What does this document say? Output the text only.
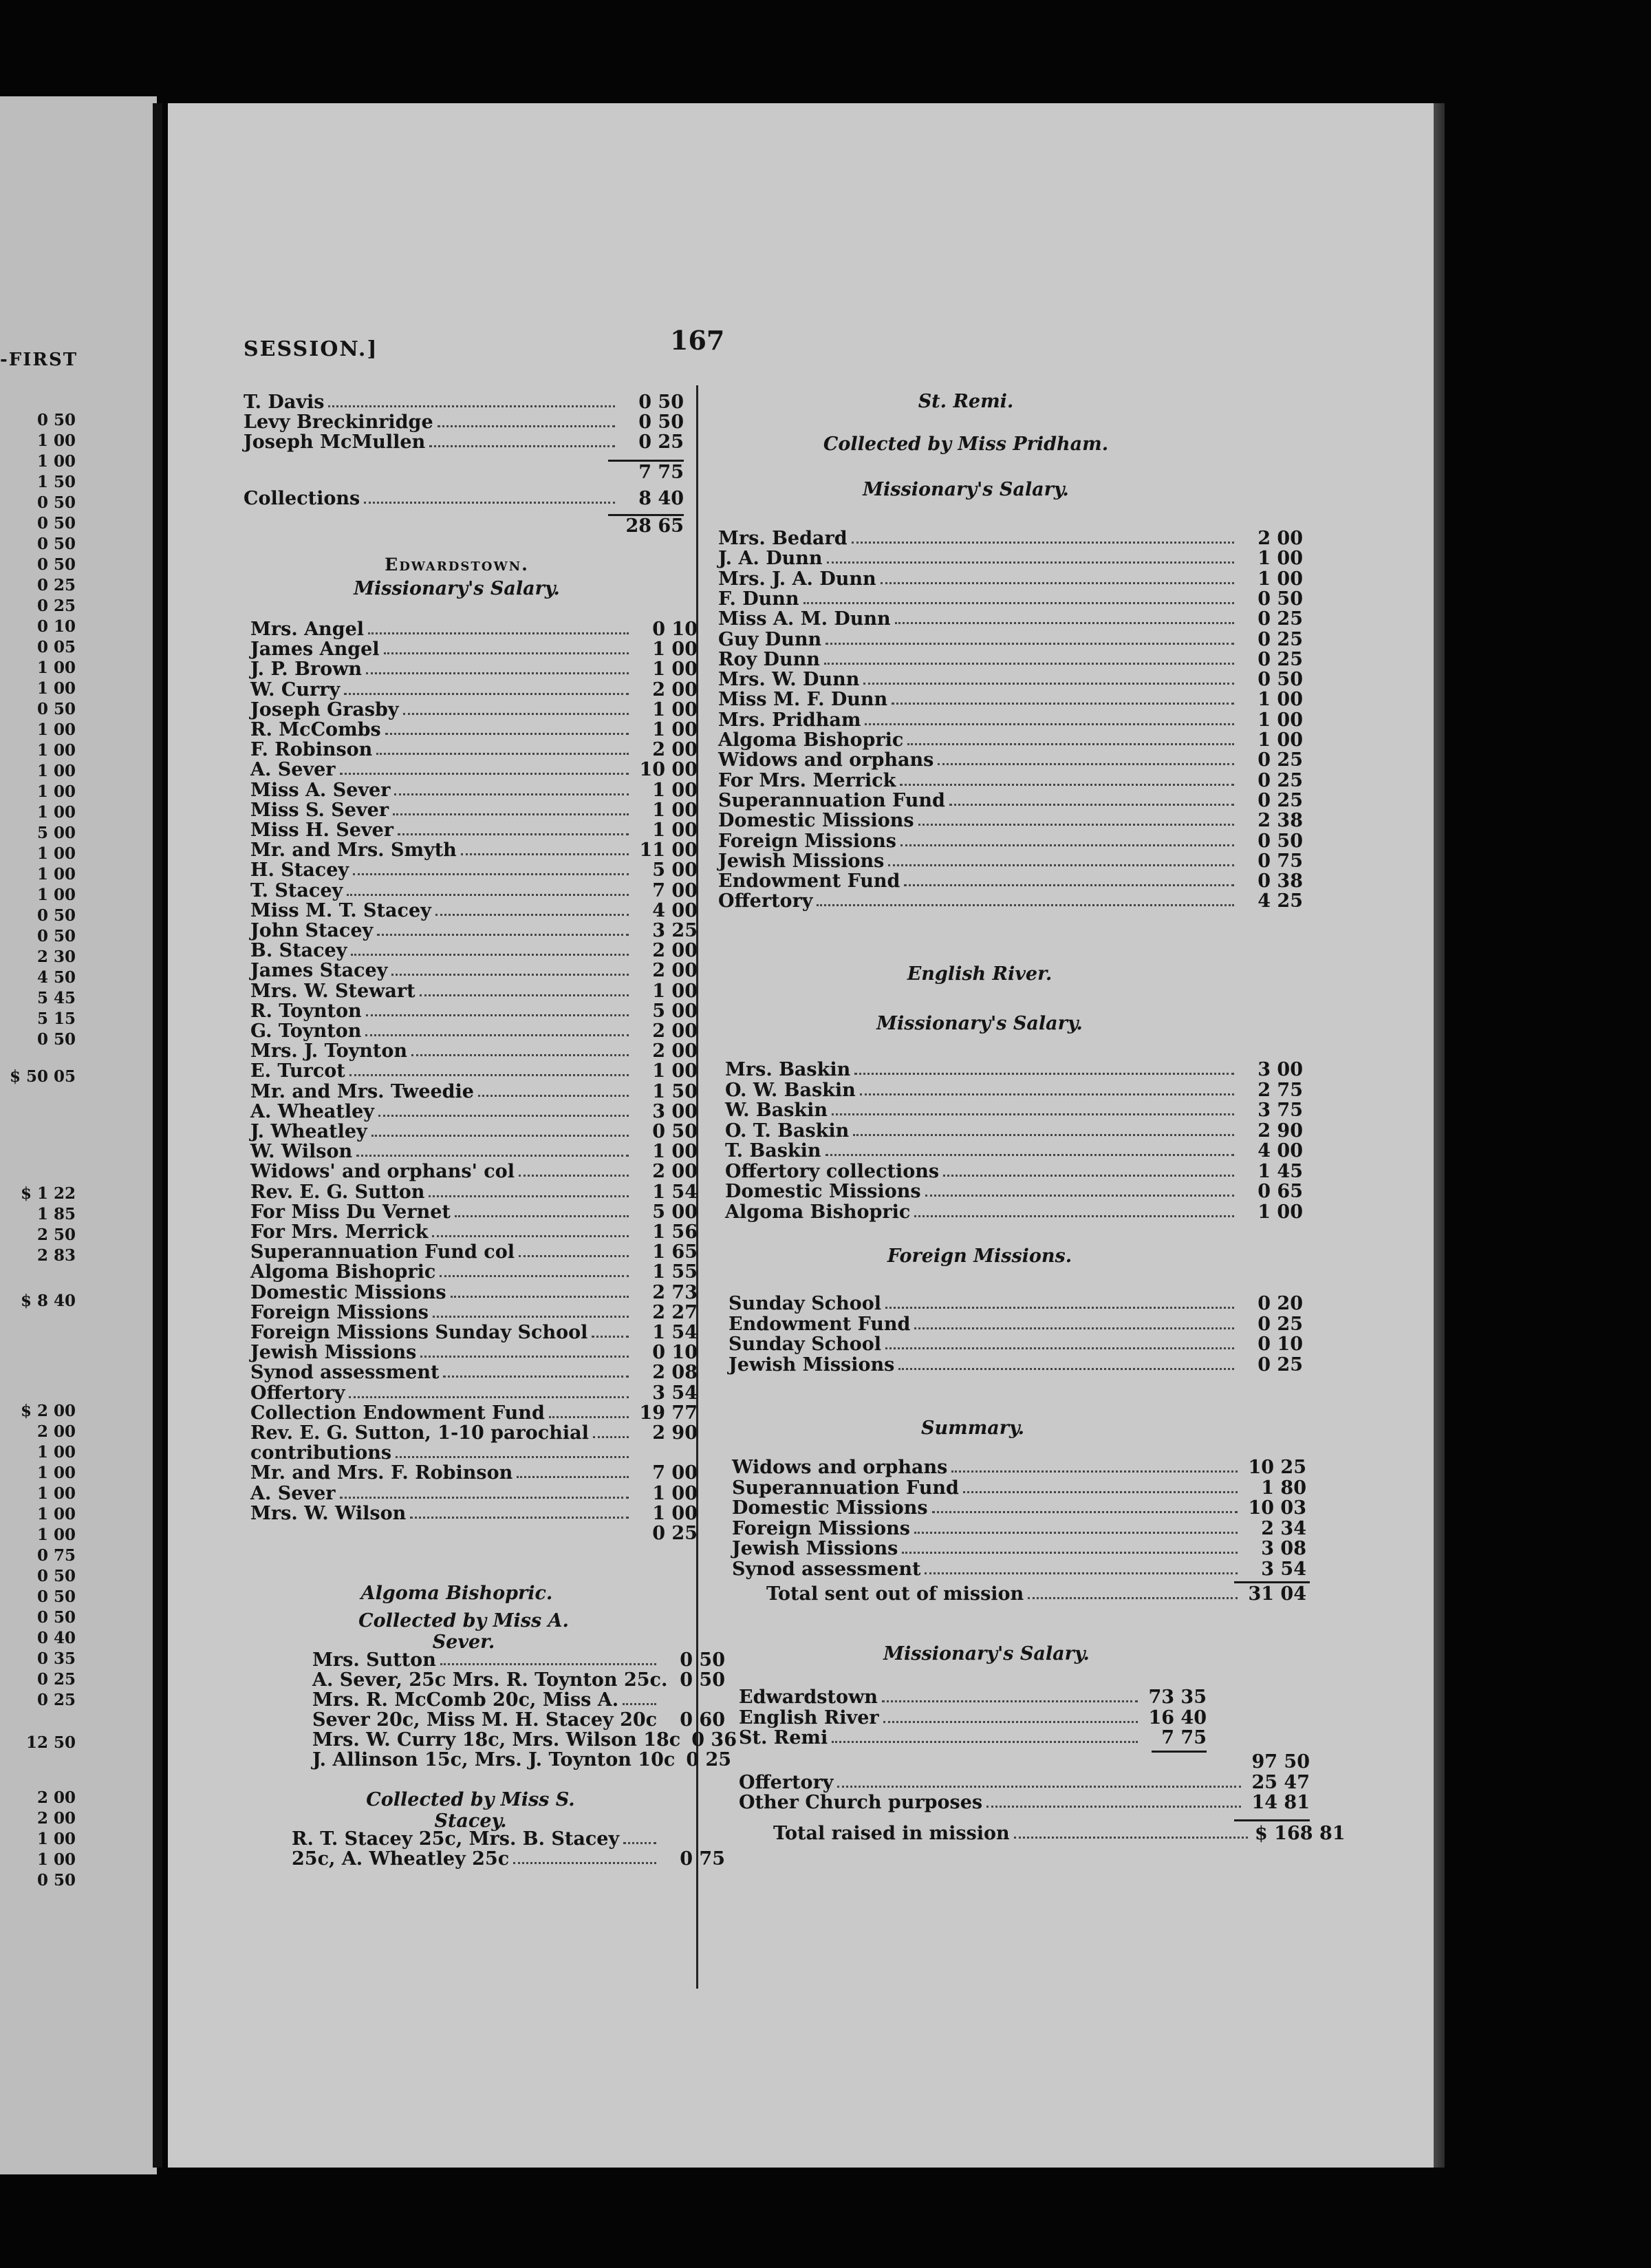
-FIRST
0 50
1 00
1 00
1 50
0 50
0 50
0 50
0 50
0 25
0 25
0 10
0 05
1 00
1 00
0 50
1 00
1 00
1 00
1 00
1 00
5 00
1 00
1 00
1 00
0 50
0 50
2 30
4 50
5 45
5 15
0 50
$ 50 05
$ 1 22
1 85
2 50
2 83
$ 8 40
$ 2 00
2 00
1 00
1 00
1 00
1 00
1 00
0 75
0 50
0 50
0 50
0 40
0 35
0 25
0 25
12 50
2 00
2 00
1 00
1 00
0 50
SESSION.]	167
T. Davis	0 50
Levy Breckinridge	0 50
Joseph McMullen	0 25
7 75
Collections	8 40
28 65
Edwardstown.
Missionary's Salary.
Mrs. Angel	0 10
James Angel	1 00
J. P. Brown	1 00
W. Curry	2 00
Joseph Grasby	1 00
R. McCombs	1 00
F. Robinson	2 00
A. Sever	10 00
Miss A. Sever	1 00
Miss S. Sever	1 00
Miss H. Sever	1 00
Mr. and Mrs. Smyth	11 00
H. Stacey	5 00
T. Stacey	7 00
Miss M. T. Stacey	4 00
John Stacey	3 25
B. Stacey	2 00
James Stacey	2 00
Mrs. W. Stewart	1 00
R. Toynton	5 00
G. Toynton	2 00
Mrs. J. Toynton	2 00
E. Turcot	1 00
Mr. and Mrs. Tweedie	1 50
A. Wheatley	3 00
J. Wheatley	0 50
W. Wilson	1 00
Widows' and orphans' col	2 00
Rev. E. G. Sutton	1 54
For Miss Du Vernet	5 00
For Mrs. Merrick	1 56
Superannuation Fund col	1 65
Algoma Bishopric	1 55
Domestic Missions	2 73
Foreign Missions	2 27
Foreign Missions Sunday School	1 54
Jewish Missions	0 10
Synod assessment	2 08
Offertory	3 54
Collection Endowment Fund	19 77
Rev. E. G. Sutton, 1-10 parochial	2 90
contributions
Mr. and Mrs. F. Robinson	7 00
A. Sever	1 00
Mrs. W. Wilson	1 00
0 25
Algoma Bishopric.
Collected by Miss A. Sever.
Mrs. Sutton	0 50
A. Sever, 25c Mrs. R. Toynton 25c. 0 50
Mrs. R. McComb 20c, Miss A.
Sever 20c, Miss M. H. Stacey 20c	0 60
Mrs. W. Curry 18c, Mrs. Wilson 18c 0 36
J. Allinson 15c, Mrs. J. Toynton 10c 0 25
Collected by Miss S. Stacey.
R. T. Stacey 25c, Mrs. B. Stacey
25c, A. Wheatley 25c	0 75
St. Remi.
Collected by Miss Pridham.
Missionary's Salary.
Mrs. Bedard	2 00
J. A. Dunn	1 00
Mrs. J. A. Dunn	1 00
F. Dunn	0 50
Miss A. M. Dunn	0 25
Guy Dunn	0 25
Roy Dunn	0 25
Mrs. W. Dunn	0 50
Miss M. F. Dunn	1 00
Mrs. Pridham	1 00
Algoma Bishopric	1 00
Widows and orphans	0 25
For Mrs. Merrick	0 25
Superannuation Fund	0 25
Domestic Missions	2 38
Foreign Missions	0 50
Jewish Missions	0 75
Endowment Fund	0 38
Offertory	4 25
English River.
Missionary's Salary.
Mrs. Baskin	3 00
O. W. Baskin	2 75
W. Baskin	3 75
O. T. Baskin	2 90
T. Baskin	4 00
Offertory collections	1 45
Domestic Missions	0 65
Algoma Bishopric	1 00
Foreign Missions.
Sunday School	0 20
Endowment Fund	0 25
Sunday School	0 10
Jewish Missions	0 25
Summary.
Widows and orphans	10 25
Superannuation Fund	1 80
Domestic Missions	10 03
Foreign Missions	2 34
Jewish Missions	3 08
Synod assessment	3 54
Total sent out of mission	31 04
Missionary's Salary.
Edwardstown	73 35
English River	16 40
St. Remi	7 75
97 50
Offertory	25 47
Other Church purposes	14 81
Total raised in mission	$ 168 81
